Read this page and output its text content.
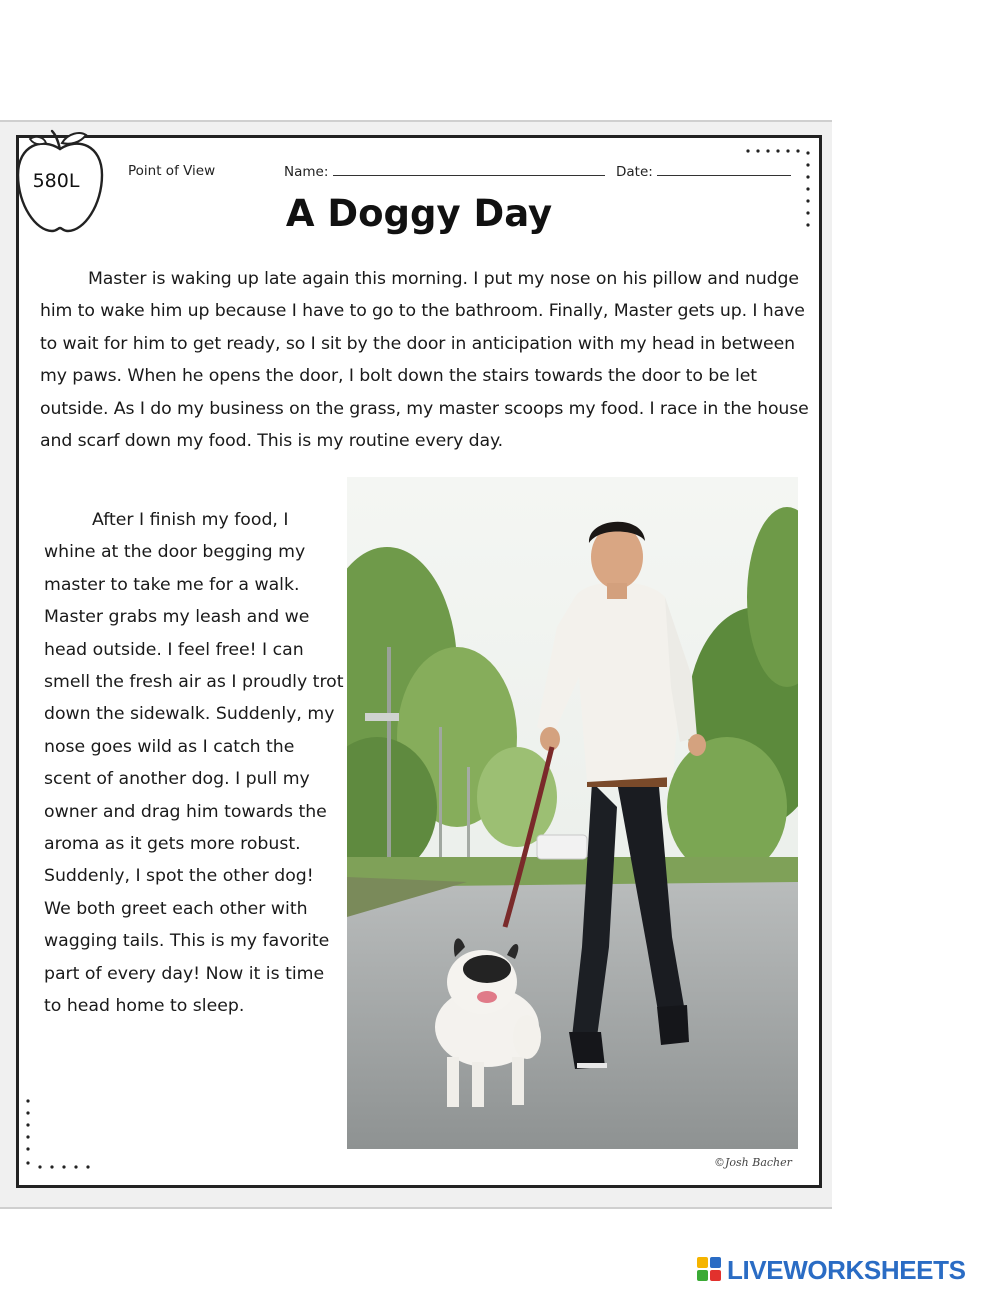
580L	Point of View	Name:	Date:
A Doggy Day

Master is waking up late again this morning. I put my nose on his pillow and nudge him to wake him up because I have to go to the bathroom. Finally, Master gets up. I have to wait for him to get ready, so I sit by the door in anticipation with my head in between my paws. When he opens the door, I bolt down the stairs towards the door to be let outside. As I do my business on the grass, my master scoops my food. I race in the house and scarf down my food. This is my routine every day.

After I finish my food, I whine at the door begging my master to take me for a walk. Master grabs my leash and we head outside. I feel free! I can smell the fresh air as I proudly trot down the sidewalk. Suddenly, my nose goes wild as I catch the scent of another dog. I pull my owner and drag him towards the aroma as it gets more robust. Suddenly, I spot the other dog! We both greet each other with wagging tails. This is my favorite part of every day! Now it is time to head home to sleep.

©Josh Bacher
LIVEWORKSHEETS
